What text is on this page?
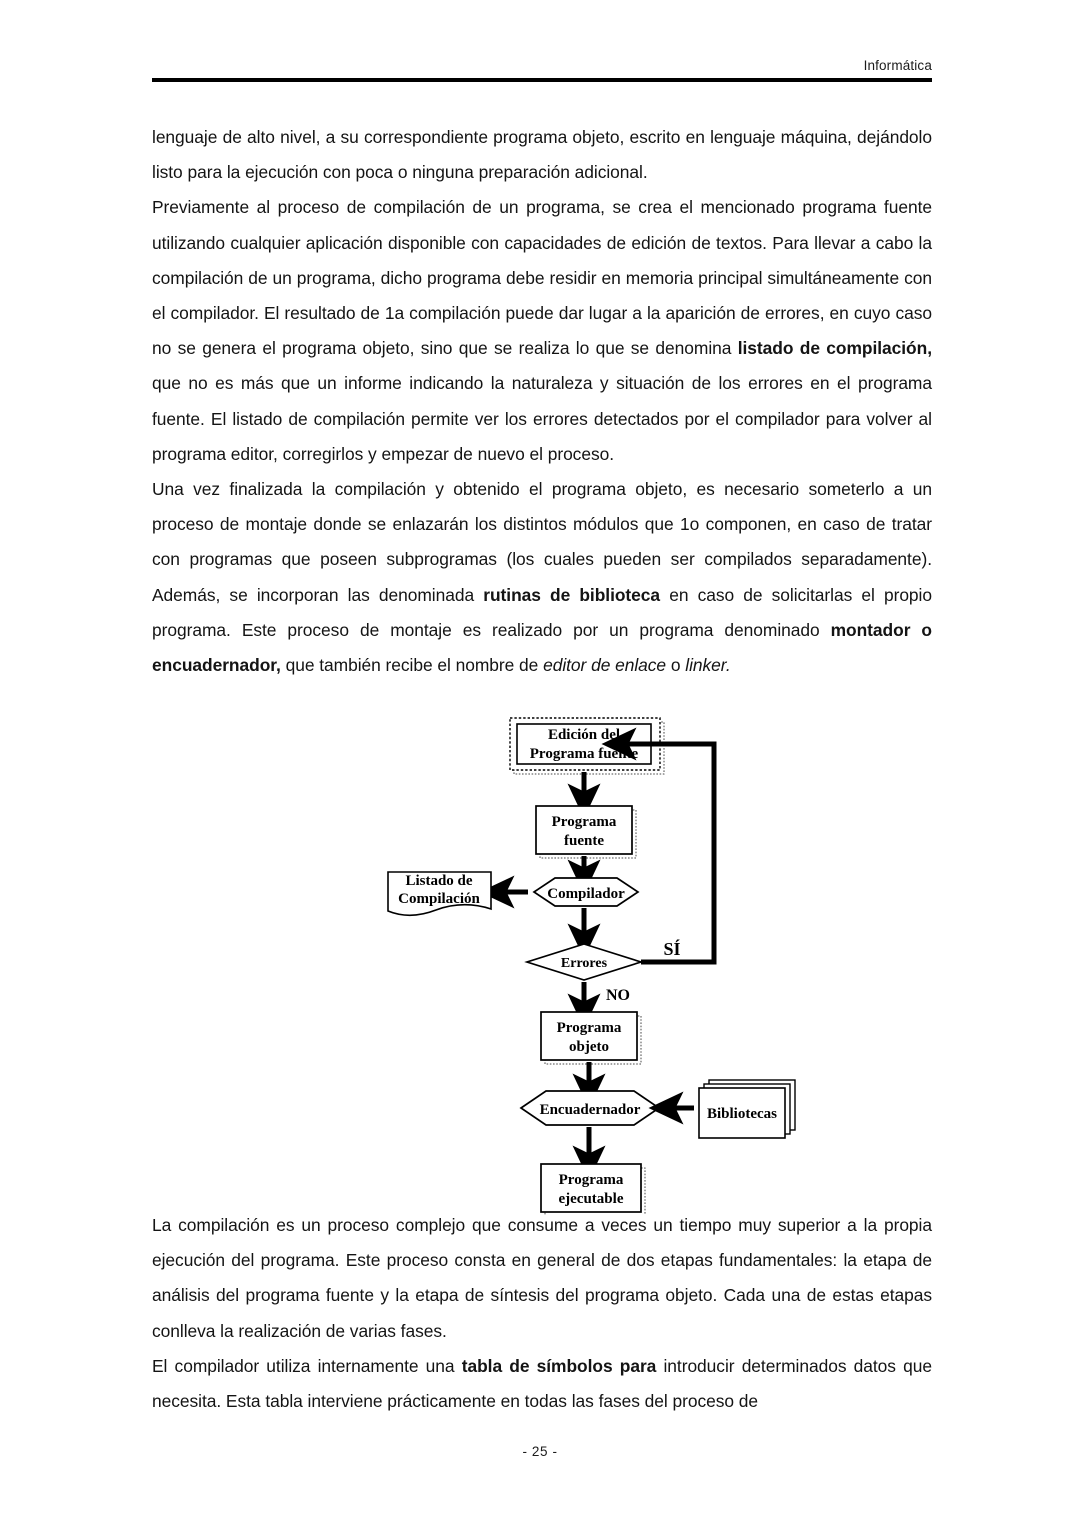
Informática

lenguaje de alto nivel, a su correspondiente programa objeto, escrito en lenguaje máquina, dejándolo listo para la ejecución con poca o ninguna preparación adicional.

Previamente al proceso de compilación de un programa, se crea el mencionado programa fuente utilizando cualquier aplicación disponible con capacidades de edición de textos. Para llevar a cabo la compilación de un programa, dicho programa debe residir en memoria principal simultáneamente con el compilador. El resultado de 1a compilación puede dar lugar a la aparición de errores, en cuyo caso no se genera el programa objeto, sino que se realiza lo que se denomina listado de compilación, que no es más que un informe indicando la naturaleza y situación de los errores en el programa fuente. El listado de compilación permite ver los errores detectados por el compilador para volver al programa editor, corregirlos y empezar de nuevo el proceso.

Una vez finalizada la compilación y obtenido el programa objeto, es necesario someterlo a un proceso de montaje donde se enlazarán los distintos módulos que 1o componen, en caso de tratar con programas que poseen subprogramas (los cuales pueden ser compilados separadamente). Además, se incorporan las denominada rutinas de biblioteca en caso de solicitarlas el propio programa. Este proceso de montaje es realizado por un programa denominado montador o encuadernador, que también recibe el nombre de editor de enlace o linker.

Edición del
Programa fuente
Programa
fuente
Compilador
Listado de
Compilación
Errores
SÍ
NO
Programa
objeto
Encuadernador	Bibliotecas
Programa
ejecutable

La compilación es un proceso complejo que consume a veces un tiempo muy superior a la propia ejecución del programa. Este proceso consta en general de dos etapas fundamentales: la etapa de análisis del programa fuente y la etapa de síntesis del programa objeto. Cada una de estas etapas conlleva la realización de varias fases.

El compilador utiliza internamente una tabla de símbolos para introducir determinados datos que necesita. Esta tabla interviene prácticamente en todas las fases del proceso de

- 25 -
